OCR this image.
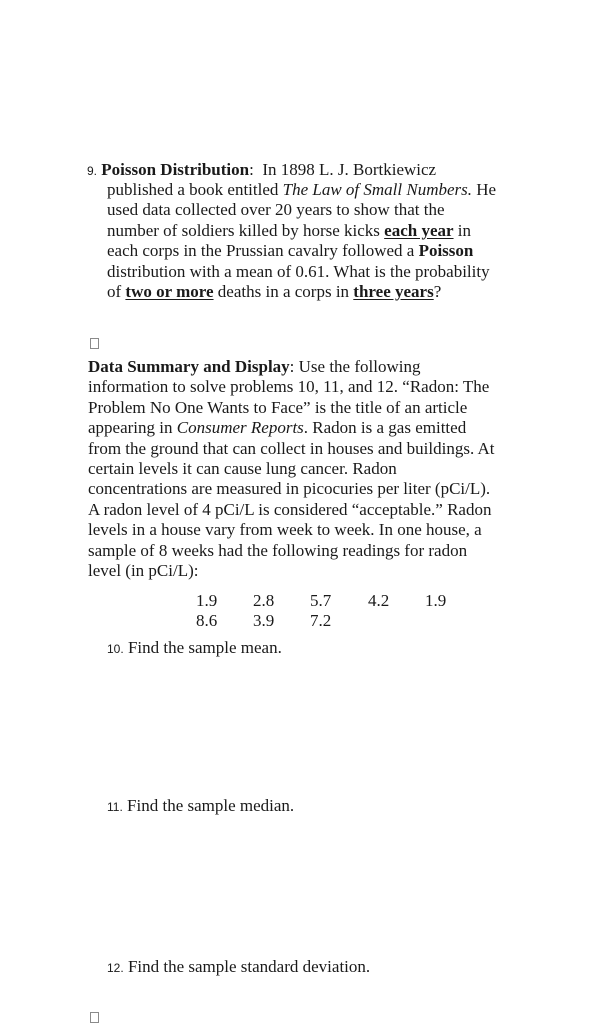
9. Poisson Distribution: In 1898 L. J. Bortkiewicz
published a book entitled The Law of Small Numbers. He
used data collected over 20 years to show that the
number of soldiers killed by horse kicks each year in
each corps in the Prussian cavalry followed a Poisson
distribution with a mean of 0.61. What is the probability
of two or more deaths in a corps in three years?
Data Summary and Display: Use the following
information to solve problems 10, 11, and 12. “Radon: The
Problem No One Wants to Face” is the title of an article
appearing in Consumer Reports. Radon is a gas emitted
from the ground that can collect in houses and buildings. At
certain levels it can cause lung cancer. Radon
concentrations are measured in picocuries per liter (pCi/L).
A radon level of 4 pCi/L is considered “acceptable.” Radon
levels in a house vary from week to week. In one house, a
sample of 8 weeks had the following readings for radon
level (in pCi/L):
1.9 2.8 5.7 4.2 1.9
8.6 3.9 7.2
10. Find the sample mean.
11. Find the sample median.
12. Find the sample standard deviation.
